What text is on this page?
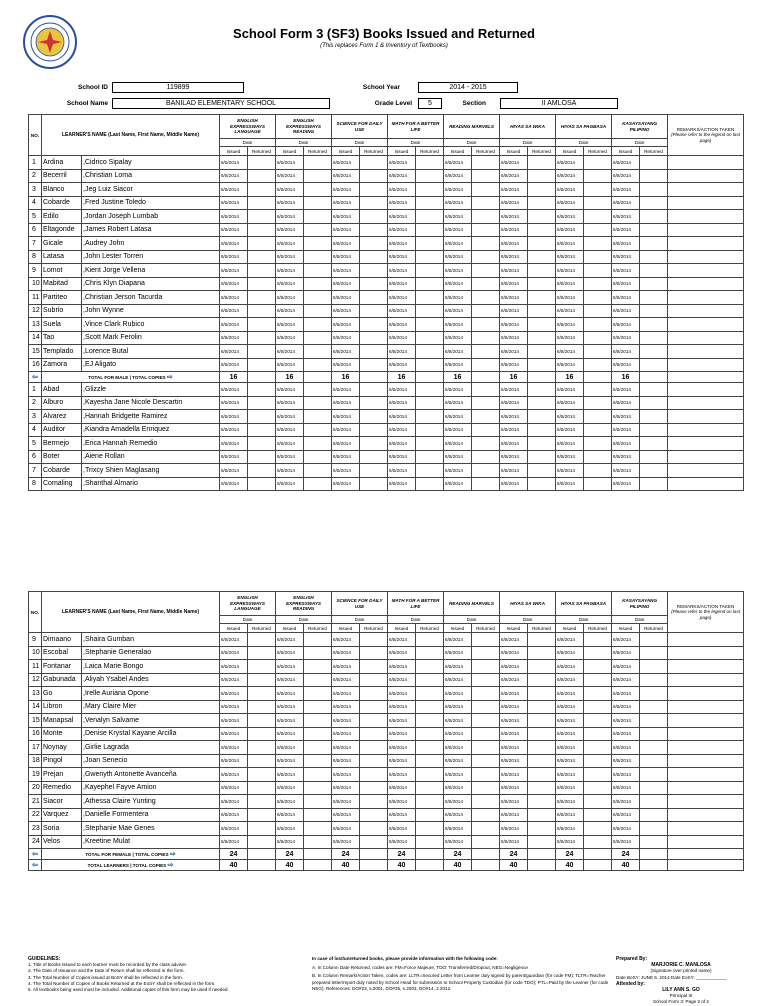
School Form 3 (SF3) Books Issued and Returned
(This replaces Form 1 & Inventory of Textbooks)
School ID	119899	School Year	2014 - 2015
School Name	BANILAD ELEMENTARY SCHOOL	Grade Level	5	Section	II AMLOSA
NO.	LEARNER'S NAME (Last Name, First Name, Middle Name)		ENGLISH EXPRESSWAYS LANGUAGE		ENGLISH EXPRESSWAYS READING		SCIENCE FOR DAILY USE		MATH FOR A BETTER LIFE		READING MARVELS		HIYAS SA WIKA		HIYAS SA PAGBASA		KASAYSAYANG PILIPINO		REMARKS/ACTION TAKEN
(Please refer to the legend on last page)
			Date		Date		Date		Date		Date		Date		Date		Date		
			Issued	Returned	Issued	Returned	Issued	Returned	Issued	Returned	Issued	Returned	Issued	Returned	Issued	Returned	Issued	Returned	
1	Ardina	,Cidrico Sipalay	6/5/2014		6/5/2014		6/5/2014		6/5/2014		6/5/2014		6/5/2014		6/5/2014		6/5/2014		
2	Becerril	,Christian Loma	6/5/2014		6/5/2014		6/5/2014		6/5/2014		6/5/2014		6/5/2014		6/5/2014		6/5/2014		
3	Blanco	,Jeg Luiz Siacor	6/5/2014		6/5/2014		6/5/2014		6/5/2014		6/5/2014		6/5/2014		6/5/2014		6/5/2014		
4	Cobarde	,Fred Justine Toledo	6/5/2014		6/5/2014		6/5/2014		6/5/2014		6/5/2014		6/5/2014		6/5/2014		6/5/2014		
5	Edilo	,Jordan Joseph Lumbab	6/5/2014		6/5/2014		6/5/2014		6/5/2014		6/5/2014		6/5/2014		6/5/2014		6/5/2014		
6	Eltagonde	,James Robert Latasa	6/5/2014		6/5/2014		6/5/2014		6/5/2014		6/5/2014		6/5/2014		6/5/2014		6/5/2014		
7	Gicale	,Audrey John	6/5/2014		6/5/2014		6/5/2014		6/5/2014		6/5/2014		6/5/2014		6/5/2014		6/5/2014		
8	Latasa	,John Lester Torren	6/5/2014		6/5/2014		6/5/2014		6/5/2014		6/5/2014		6/5/2014		6/5/2014		6/5/2014		
9	Lomot	,Kient Jorge Vellena	6/5/2014		6/5/2014		6/5/2014		6/5/2014		6/5/2014		6/5/2014		6/5/2014		6/5/2014		
10	Mabitad	,Chris Klyn Diapana	6/5/2014		6/5/2014		6/5/2014		6/5/2014		6/5/2014		6/5/2014		6/5/2014		6/5/2014		
11	Partiteo	,Christian Jerson Tacurda	6/5/2014		6/5/2014		6/5/2014		6/5/2014		6/5/2014		6/5/2014		6/5/2014		6/5/2014		
12	Subrio	,John Wynne	6/5/2014		6/5/2014		6/5/2014		6/5/2014		6/5/2014		6/5/2014		6/5/2014		6/5/2014		
13	Suela	,Vince Clark Rubico	6/5/2014		6/5/2014		6/5/2014		6/5/2014		6/5/2014		6/5/2014		6/5/2014		6/5/2014		
14	Tao	,Scott Mark Ferolin	6/5/2014		6/5/2014		6/5/2014		6/5/2014		6/5/2014		6/5/2014		6/5/2014		6/5/2014		
15	Templado	,Lorence Butal	6/5/2014		6/5/2014		6/5/2014		6/5/2014		6/5/2014		6/5/2014		6/5/2014		6/5/2014		
16	Zamora	,EJ Aligato	6/5/2014		6/5/2014		6/5/2014		6/5/2014		6/5/2014		6/5/2014		6/5/2014		6/5/2014		
⇦	TOTAL FOR MALE | TOTAL COPIES ⇨		16		16		16		16		16		16		16		16		
1	Abad	,Glizzle	6/5/2014		6/5/2014		6/5/2014		6/5/2014		6/5/2014		6/5/2014		6/5/2014		6/5/2014		
2	Alburo	,Kayesha Jane Nicole Descartin	6/5/2014		6/5/2014		6/5/2014		6/5/2014		6/5/2014		6/5/2014		6/5/2014		6/5/2014		
3	Alvarez	,Hannah Bridgette Ramirez	6/5/2014		6/5/2014		6/5/2014		6/5/2014		6/5/2014		6/5/2014		6/5/2014		6/5/2014		
4	Auditor	,Kiandra Amadella Enriquez	6/5/2014		6/5/2014		6/5/2014		6/5/2014		6/5/2014		6/5/2014		6/5/2014		6/5/2014		
5	Bermejo	,Erica Hannah Remedio	6/5/2014		6/5/2014		6/5/2014		6/5/2014		6/5/2014		6/5/2014		6/5/2014		6/5/2014		
6	Boter	,Aiene Rollan	6/5/2014		6/5/2014		6/5/2014		6/5/2014		6/5/2014		6/5/2014		6/5/2014		6/5/2014		
7	Cobarde	,Trixcy Shien Maglasang	6/5/2014		6/5/2014		6/5/2014		6/5/2014		6/5/2014		6/5/2014		6/5/2014		6/5/2014		
8	Comaling	,Shanthal Almario	6/5/2014		6/5/2014		6/5/2014		6/5/2014		6/5/2014		6/5/2014		6/5/2014		6/5/2014		
NO.	LEARNER'S NAME (Last Name, First Name, Middle Name)		ENGLISH EXPRESSWAYS LANGUAGE		ENGLISH EXPRESSWAYS READING		SCIENCE FOR DAILY USE		MATH FOR A BETTER LIFE		READING MARVELS		HIYAS SA WIKA		HIYAS SA PAGBASA		KASAYSAYANG PILIPINO		REMARKS/ACTION TAKEN
(Please refer to the legend on last page)
			Date		Date		Date		Date		Date		Date		Date		Date		
			Issued	Returned	Issued	Returned	Issued	Returned	Issued	Returned	Issued	Returned	Issued	Returned	Issued	Returned	Issued	Returned	
9	Dimaano	,Shaira Gumban	6/5/2014		6/5/2014		6/5/2014		6/5/2014		6/5/2014		6/5/2014		6/5/2014		6/5/2014		
10	Escobal	,Stephanie Generalao	6/5/2014		6/5/2014		6/5/2014		6/5/2014		6/5/2014		6/5/2014		6/5/2014		6/5/2014		
11	Fontanar	,Laica Marie Bongo	6/5/2014		6/5/2014		6/5/2014		6/5/2014		6/5/2014		6/5/2014		6/5/2014		6/5/2014		
12	Gabunada	,Aliyah Ysabel Andes	6/5/2014		6/5/2014		6/5/2014		6/5/2014		6/5/2014		6/5/2014		6/5/2014		6/5/2014		
13	Go	,Irelle Auriana Opone	6/5/2014		6/5/2014		6/5/2014		6/5/2014		6/5/2014		6/5/2014		6/5/2014		6/5/2014		
14	Libron	,Mary Claire Mier	6/5/2014		6/5/2014		6/5/2014		6/5/2014		6/5/2014		6/5/2014		6/5/2014		6/5/2014		
15	Manapsal	,Venalyn Salvame	6/5/2014		6/5/2014		6/5/2014		6/5/2014		6/5/2014		6/5/2014		6/5/2014		6/5/2014		
16	Monte	,Denise Krystal Kayane Arcilla	6/5/2014		6/5/2014		6/5/2014		6/5/2014		6/5/2014		6/5/2014		6/5/2014		6/5/2014		
17	Noynay	,Girlie Lagrada	6/5/2014		6/5/2014		6/5/2014		6/5/2014		6/5/2014		6/5/2014		6/5/2014		6/5/2014		
18	Pingol	,Joan Senecio	6/5/2014		6/5/2014		6/5/2014		6/5/2014		6/5/2014		6/5/2014		6/5/2014		6/5/2014		
19	Prejan	,Gwenyth Antonette Avanceña	6/5/2014		6/5/2014		6/5/2014		6/5/2014		6/5/2014		6/5/2014		6/5/2014		6/5/2014		
20	Remedio	,Kayephel Fayve Amion	6/5/2014		6/5/2014		6/5/2014		6/5/2014		6/5/2014		6/5/2014		6/5/2014		6/5/2014		
21	Siacor	,Athessa Claire Yunting	6/5/2014		6/5/2014		6/5/2014		6/5/2014		6/5/2014		6/5/2014		6/5/2014		6/5/2014		
22	Varquez	,Danielle Formentera	6/5/2014		6/5/2014		6/5/2014		6/5/2014		6/5/2014		6/5/2014		6/5/2014		6/5/2014		
23	Soria	,Stephanie Mae Genes	6/5/2014		6/5/2014		6/5/2014		6/5/2014		6/5/2014		6/5/2014		6/5/2014		6/5/2014		
24	Velos	,Kreetine Mulat	6/5/2014		6/5/2014		6/5/2014		6/5/2014		6/5/2014		6/5/2014		6/5/2014		6/5/2014		
⇦	TOTAL FOR FEMALE | TOTAL COPIES ⇨		24		24		24		24		24		24		24		24		
⇦	TOTAL LEARNERS | TOTAL COPIES ⇨		40		40		40		40		40		40		40		40		
GUIDELINES:
1. Title of Books Issued to each learner must be recorded by the class adviser.
2. The Date of Issuance and the Date of Return shall be reflected in the form.
3. The Total Number of Copies issued at BoSY shall be reflected in the form.
4. The Total Number of Copies of Books Returned at the EoSY shall be reflected in the form.
5. All textbooks being used must be included. Additional copies of this form may be used if needed.
In case of lost/unreturned books, please provide information with the following code:
A. In Column Date Returned, codes are: FM=Force Majeure, TDO: Transferred/Dropout, NEG=Negligence
B. In Column Remark/Action Taken, codes are: LLTR=Secured Letter from Learner duly signed by parent/guardian (for code FM); TLTR=Teacher prepared letter/report duly noted by School Head for submission to School Property Custodian (for code TDO); PTL=Paid by the Learner (for code NEG). References: DO#23, s.2001, DO#25, s.2003, DO#14, 2.2012.
Prepared By:
MARJORIE C. MANLOSA
(Signature over printed name)
Date BoSY: JUNE 6, 2014 Date EoSY: ____________
Attested by:
LILY ANN S. GO
Principal III
School Form 3: Page 2 of 2
